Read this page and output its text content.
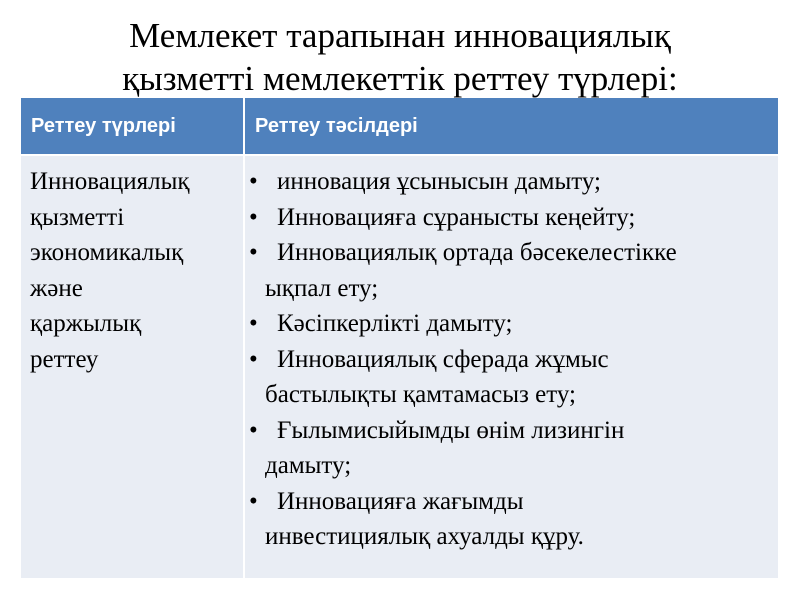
Мемлекет тарапынан инновациялық
қызметті мемлекеттік реттеу түрлері:
Реттеу түрлері	Реттеу тәсілдері
Инновациялық
қызметті
экономикалық
және
қаржылық
реттеу
• инновация ұсынысын дамыту;
• Инновацияға сұранысты кеңейту;
• Инновациялық ортада бәсекелестікке
ықпал ету;
• Кәсіпкерлікті дамыту;
• Инновациялық сферада жұмыс
бастылықты қамтамасыз ету;
• Ғылымисыйымды өнім лизингін
дамыту;
• Инновацияға жағымды
инвестициялық ахуалды құру.
